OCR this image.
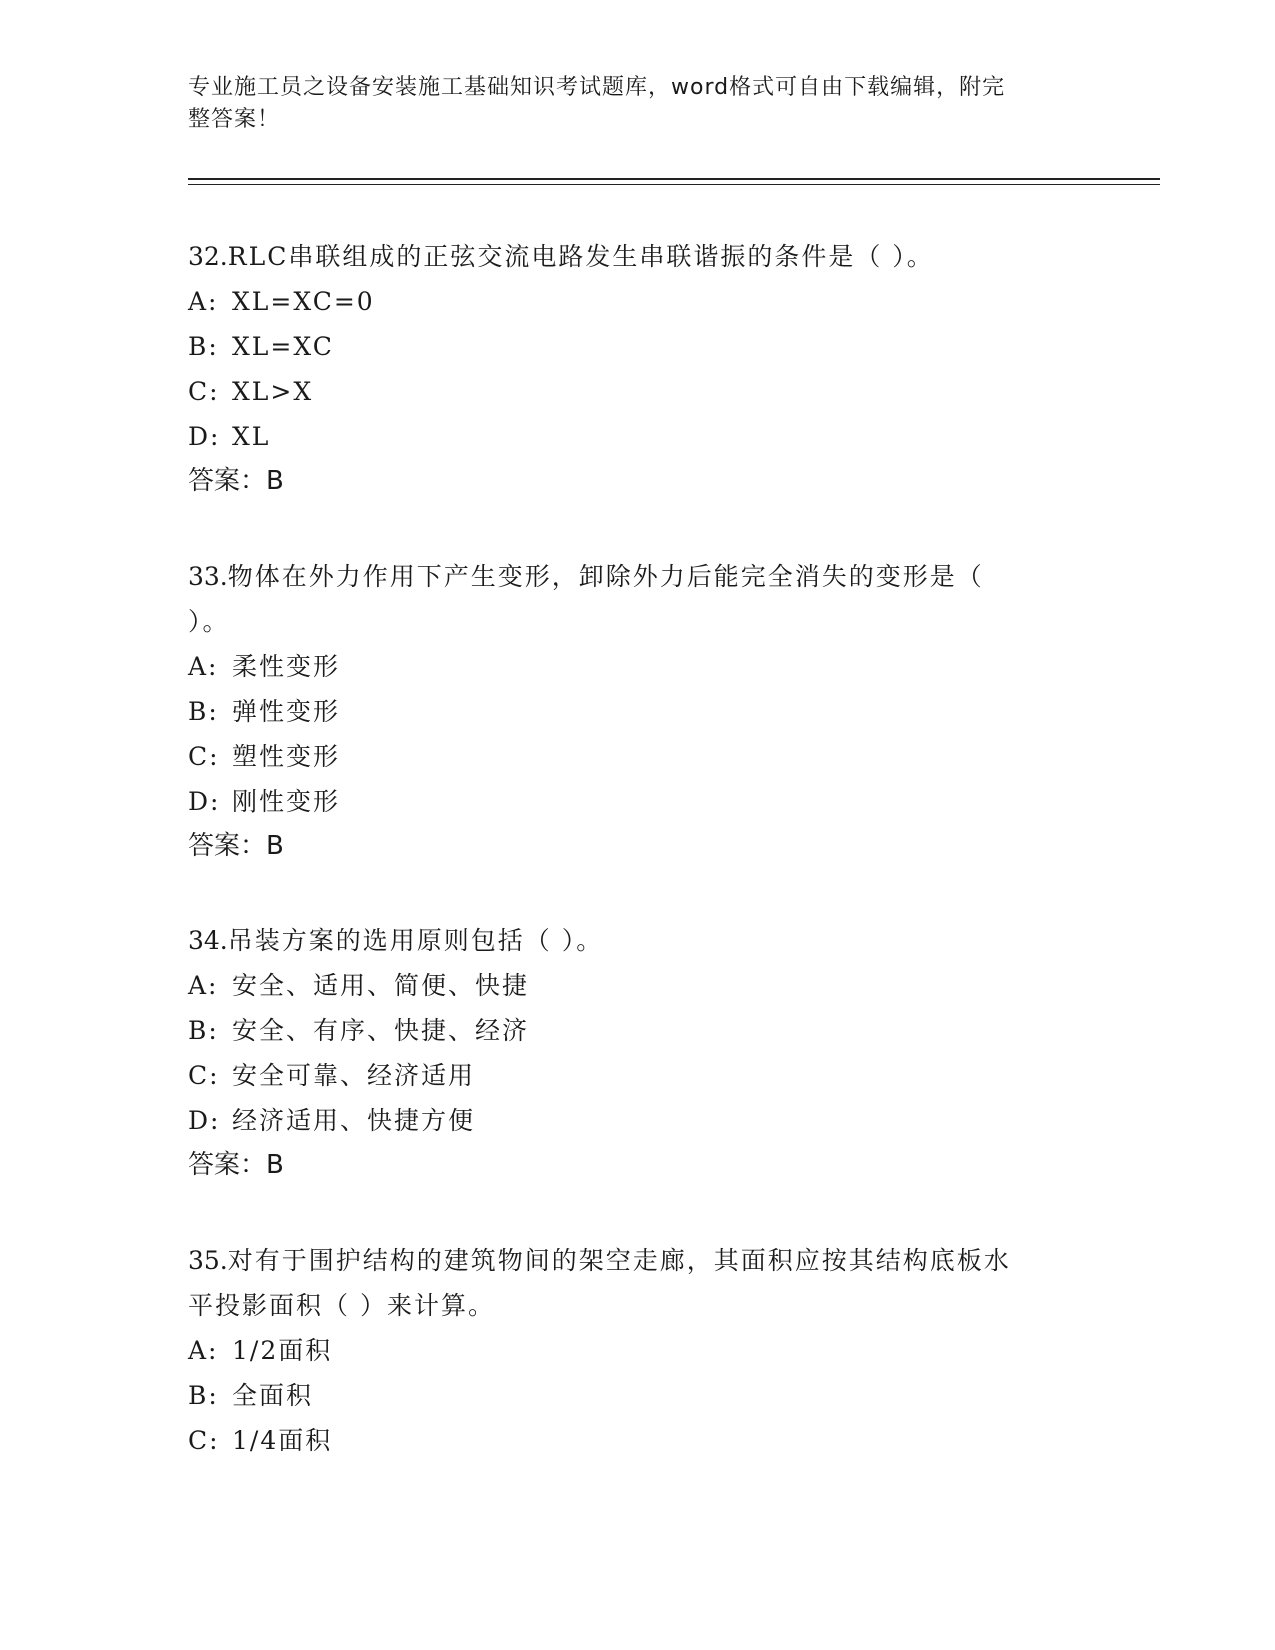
专业施工员之设备安装施工基础知识考试题库，word格式可自由下载编辑，附完
整答案！

32.RLC串联组成的正弦交流电路发生串联谐振的条件是（ ）。

A: XL=XC=0

B: XL=XC

C: XL>X

D: XL

答案：B

33.物体在外力作用下产生变形，卸除外力后能完全消失的变形是（

）。

A: 柔性变形

B: 弹性变形

C: 塑性变形

D: 刚性变形

答案：B

34.吊装方案的选用原则包括（ ）。

A: 安全、适用、简便、快捷

B: 安全、有序、快捷、经济

C: 安全可靠、经济适用

D: 经济适用、快捷方便

答案：B

35.对有于围护结构的建筑物间的架空走廊，其面积应按其结构底板水

平投影面积（ ）来计算。

A: 1/2面积

B: 全面积

C: 1/4面积
